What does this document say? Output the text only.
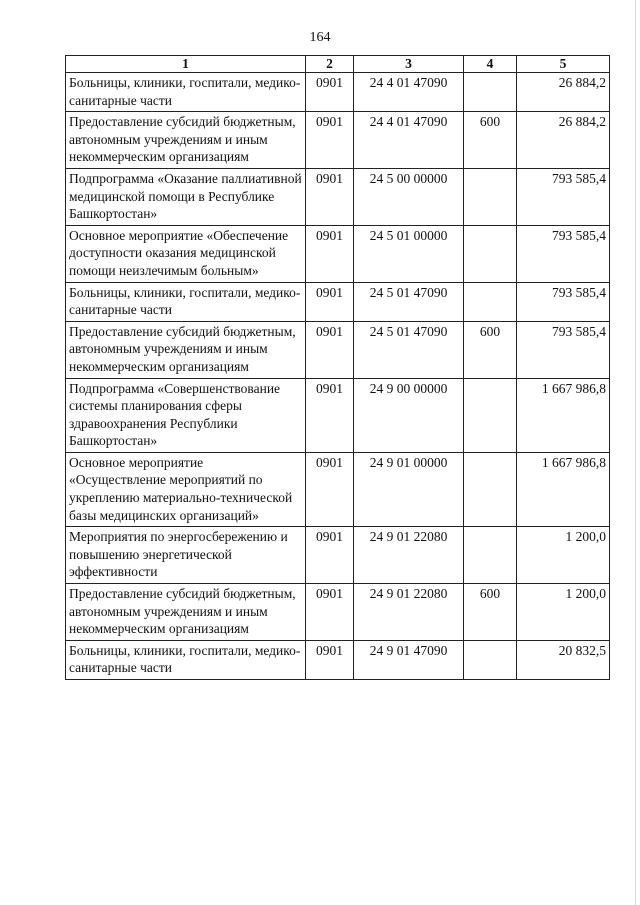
164
1	2	3	4	5
Больницы, клиники, госпитали, медико-санитарные части	0901	24 4 01 47090		26 884,2
Предоставление субсидий бюджетным, автономным учреждениям и иным некоммерческим организациям	0901	24 4 01 47090	600	26 884,2
Подпрограмма «Оказание паллиативной медицинской помощи в Республике Башкортостан»	0901	24 5 00 00000		793 585,4
Основное мероприятие «Обеспечение доступности оказания медицинской помощи неизлечимым больным»	0901	24 5 01 00000		793 585,4
Больницы, клиники, госпитали, медико-санитарные части	0901	24 5 01 47090		793 585,4
Предоставление субсидий бюджетным, автономным учреждениям и иным некоммерческим организациям	0901	24 5 01 47090	600	793 585,4
Подпрограмма «Совершенствование системы планирования сферы здравоохранения Республики Башкортостан»	0901	24 9 00 00000		1 667 986,8
Основное мероприятие «Осуществление мероприятий по укреплению материально-технической базы медицинских организаций»	0901	24 9 01 00000		1 667 986,8
Мероприятия по энергосбережению и повышению энергетической эффективности	0901	24 9 01 22080		1 200,0
Предоставление субсидий бюджетным, автономным учреждениям и иным некоммерческим организациям	0901	24 9 01 22080	600	1 200,0
Больницы, клиники, госпитали, медико-санитарные части	0901	24 9 01 47090		20 832,5
